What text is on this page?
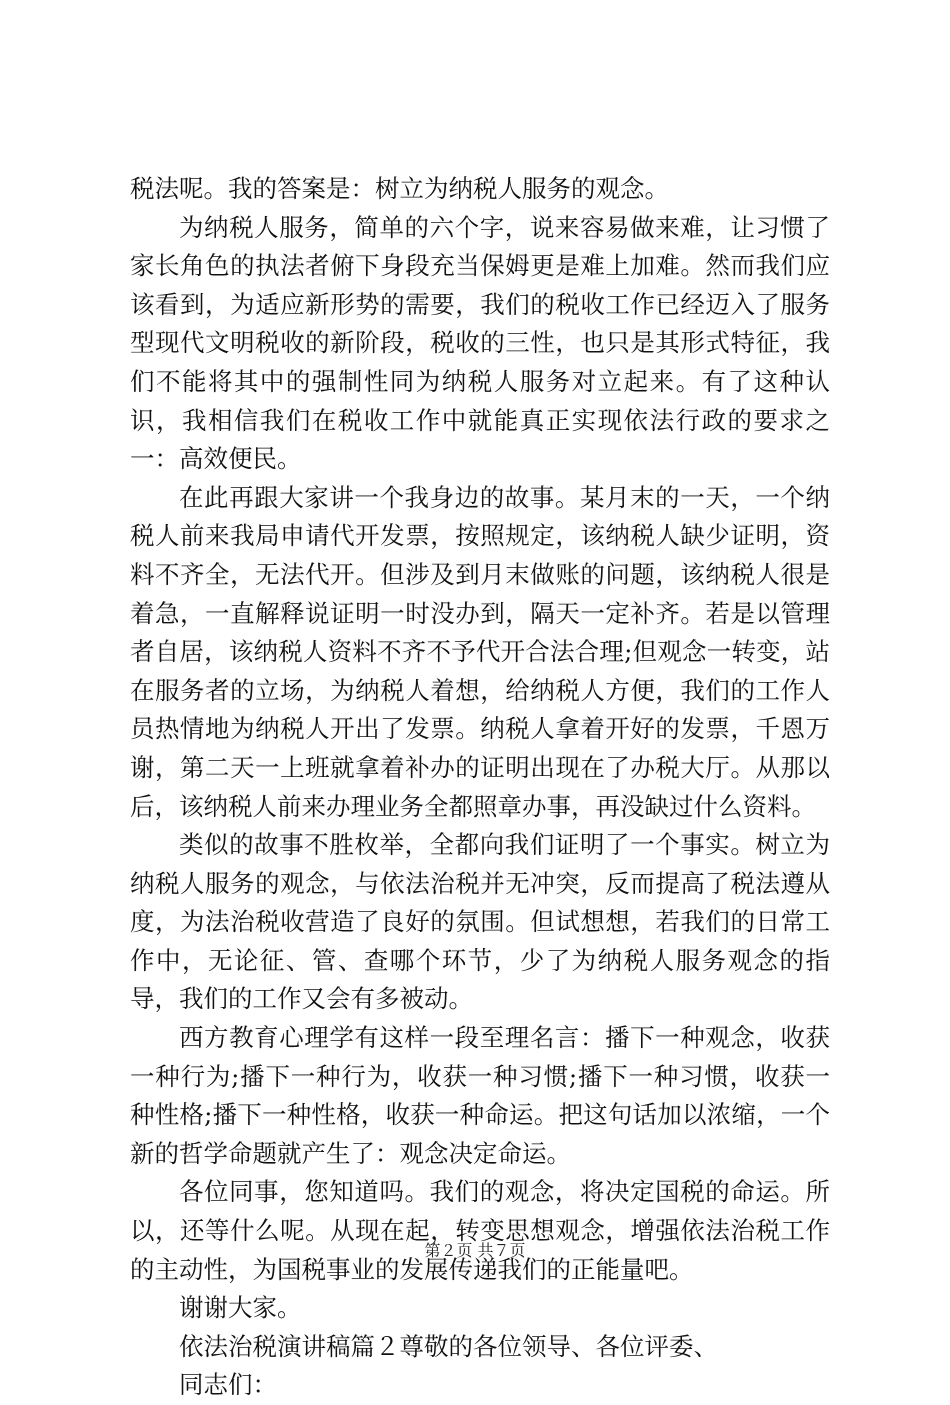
税法呢。我的答案是：树立为纳税人服务的观念。

为纳税人服务，简单的六个字，说来容易做来难，让习惯了家长角色的执法者俯下身段充当保姆更是难上加难。然而我们应该看到，为适应新形势的需要，我们的税收工作已经迈入了服务型现代文明税收的新阶段，税收的三性，也只是其形式特征，我们不能将其中的强制性同为纳税人服务对立起来。有了这种认识，我相信我们在税收工作中就能真正实现依法行政的要求之一：高效便民。

在此再跟大家讲一个我身边的故事。某月末的一天，一个纳税人前来我局申请代开发票，按照规定，该纳税人缺少证明，资料不齐全，无法代开。但涉及到月末做账的问题，该纳税人很是着急，一直解释说证明一时没办到，隔天一定补齐。若是以管理者自居，该纳税人资料不齐不予代开合法合理;但观念一转变，站在服务者的立场，为纳税人着想，给纳税人方便，我们的工作人员热情地为纳税人开出了发票。纳税人拿着开好的发票，千恩万谢，第二天一上班就拿着补办的证明出现在了办税大厅。从那以后，该纳税人前来办理业务全都照章办事，再没缺过什么资料。

类似的故事不胜枚举，全都向我们证明了一个事实。树立为纳税人服务的观念，与依法治税并无冲突，反而提高了税法遵从度，为法治税收营造了良好的氛围。但试想想，若我们的日常工作中，无论征、管、查哪个环节，少了为纳税人服务观念的指导，我们的工作又会有多被动。

西方教育心理学有这样一段至理名言：播下一种观念，收获一种行为;播下一种行为，收获一种习惯;播下一种习惯，收获一种性格;播下一种性格，收获一种命运。把这句话加以浓缩，一个新的哲学命题就产生了：观念决定命运。

各位同事，您知道吗。我们的观念，将决定国税的命运。所以，还等什么呢。从现在起，转变思想观念，增强依法治税工作的主动性，为国税事业的发展传递我们的正能量吧。

谢谢大家。

依法治税演讲稿篇２尊敬的各位领导、各位评委、

同志们：

第２页 共７页
